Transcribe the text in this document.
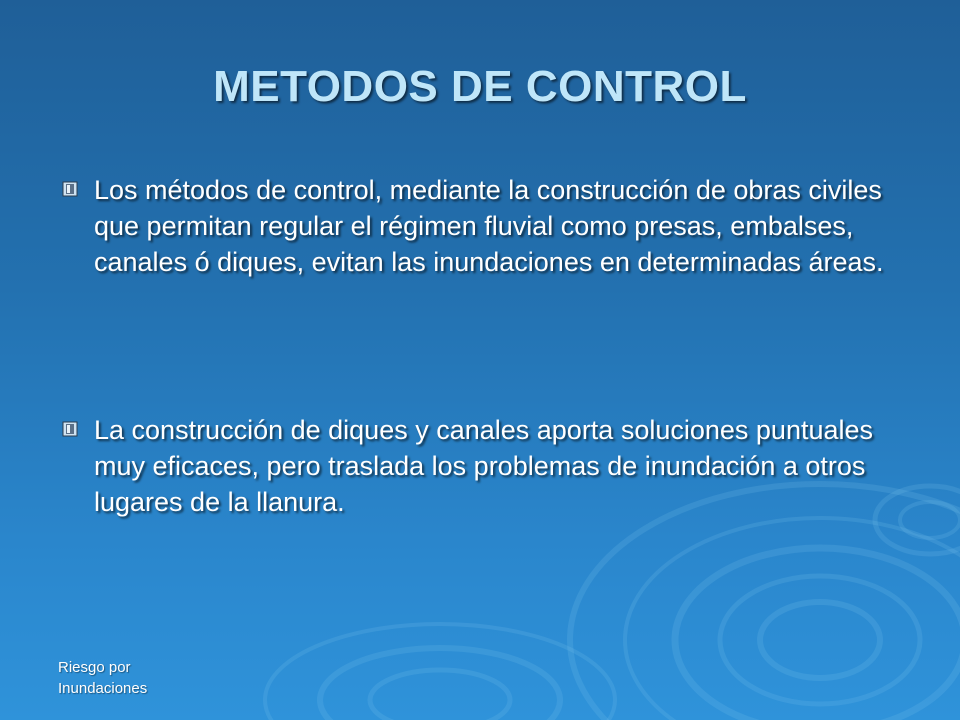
METODOS DE CONTROL
Los métodos de control, mediante la construcción de obras civiles que permitan regular el régimen fluvial como presas, embalses, canales ó diques, evitan las inundaciones en determinadas áreas.
La construcción de diques y canales aporta soluciones puntuales muy eficaces, pero traslada los problemas de inundación a otros lugares de la llanura.
Riesgo por
Inundaciones
